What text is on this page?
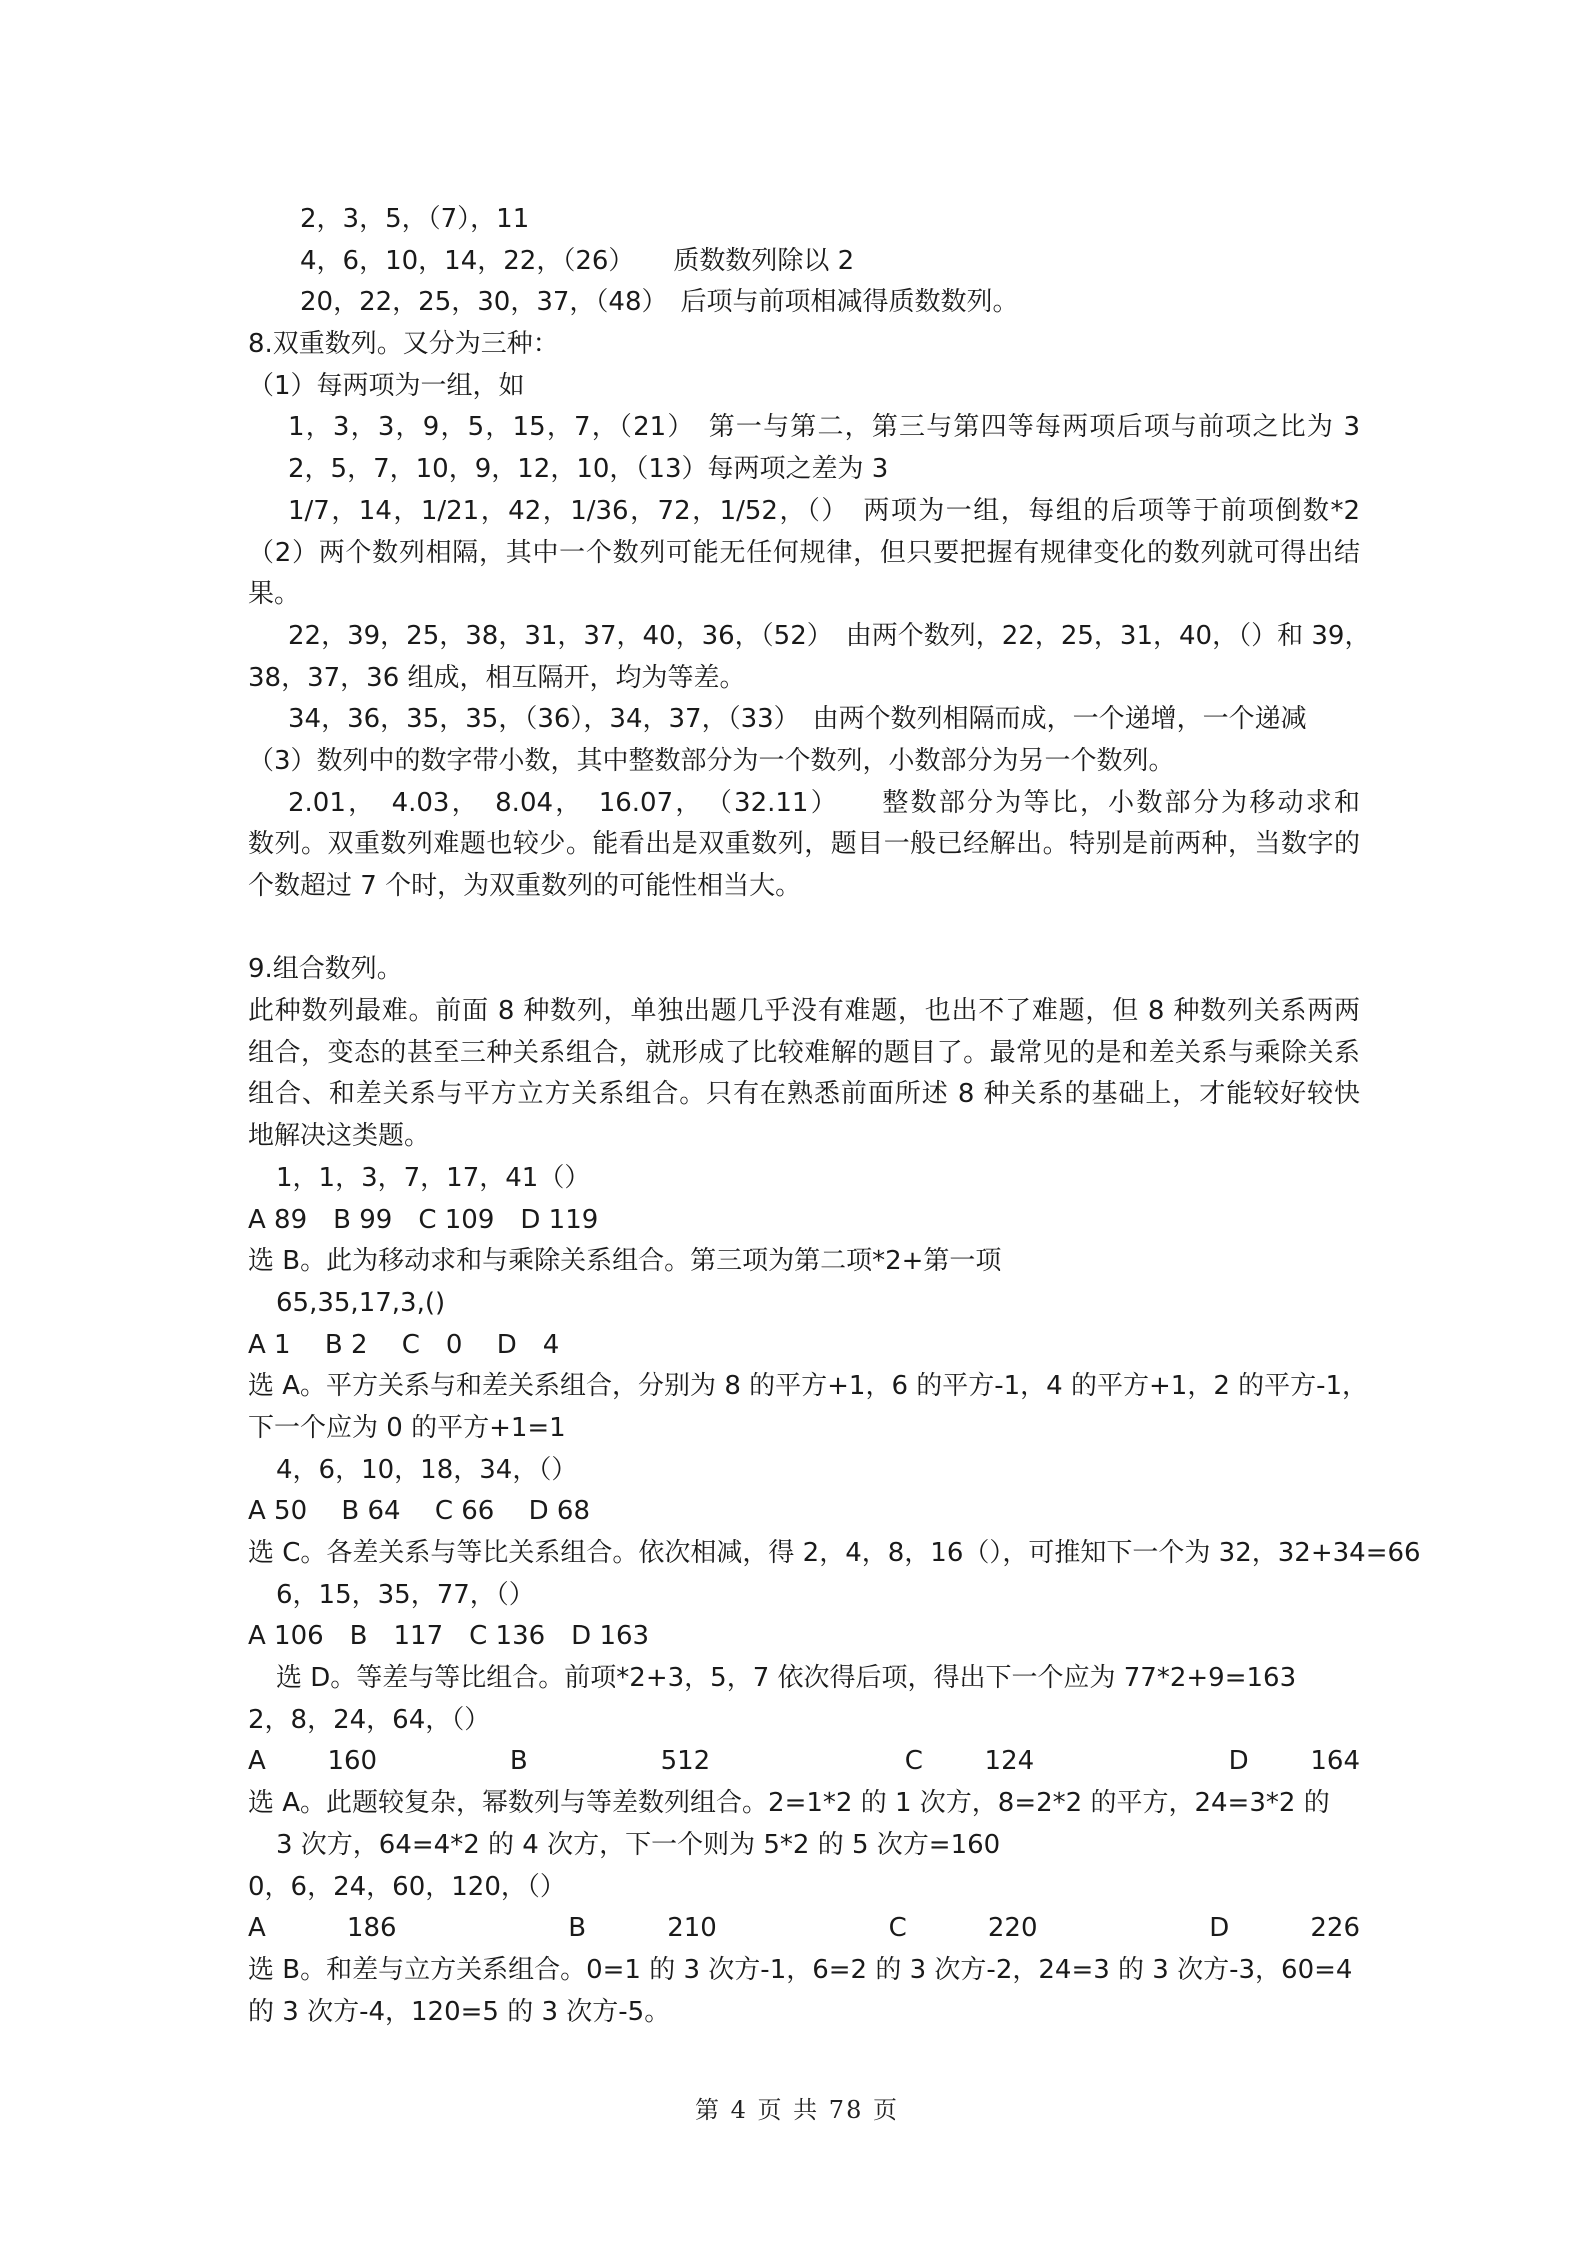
2，3，5，（7），11
4，6，10，14，22，（26）　　质数数列除以 2
20，22，25，30，37，（48）　后项与前项相减得质数数列。
8.双重数列。又分为三种：
（1）每两项为一组，如
1，3，3，9，5，15，7，（21）　第一与第二，第三与第四等每两项后项与前项之比为 3
2，5，7，10，9，12，10，（13）每两项之差为 3
1/7，14，1/21，42，1/36，72，1/52，（）　两项为一组，每组的后项等于前项倒数*2
（2）两个数列相隔，其中一个数列可能无任何规律，但只要把握有规律变化的数列就可得出结
果。
22，39，25，38，31，37，40，36，（52）　由两个数列，22，25，31，40，（）和 39，
38，37，36 组成，相互隔开，均为等差。
34，36，35，35，（36），34，37，（33）　由两个数列相隔而成，一个递增，一个递减
（3）数列中的数字带小数，其中整数部分为一个数列，小数部分为另一个数列。
2.01，　4.03，　8.04，　16.07，　（32.11）　　整数部分为等比，小数部分为移动求和
数列。双重数列难题也较少。能看出是双重数列，题目一般已经解出。特别是前两种，当数字的
个数超过 7 个时，为双重数列的可能性相当大。
9.组合数列。
此种数列最难。前面 8 种数列，单独出题几乎没有难题，也出不了难题，但 8 种数列关系两两
组合，变态的甚至三种关系组合，就形成了比较难解的题目了。最常见的是和差关系与乘除关系
组合、和差关系与平方立方关系组合。只有在熟悉前面所述 8 种关系的基础上，才能较好较快
地解决这类题。
1，1，3，7，17，41（）
A 89　B 99　C 109　D 119
选 B。此为移动求和与乘除关系组合。第三项为第二项*2+第一项
65,35,17,3,()
A 1　 B 2　 C　0　 D　4
选 A。平方关系与和差关系组合，分别为 8 的平方+1，6 的平方-1，4 的平方+1，2 的平方-1，
下一个应为 0 的平方+1=1
4，6，10，18，34，（）
A 50　 B 64　 C 66　 D 68
选 C。各差关系与等比关系组合。依次相减，得 2，4，8，16（），可推知下一个为 32，32+34=66
6，15，35，77，（）
A 106　B　117　C 136　D 163
选 D。等差与等比组合。前项*2+3，5，7 依次得后项，得出下一个应为 77*2+9=163
2，8，24，64，（）
A 160　B　512　 C 124　 D 164
选 A。此题较复杂，幂数列与等差数列组合。2=1*2 的 1 次方，8=2*2 的平方，24=3*2 的
3 次方，64=4*2 的 4 次方，下一个则为 5*2 的 5 次方=160
0，6，24，60，120，（）
A 186　B 210　C 220　D 226
选 B。和差与立方关系组合。0=1 的 3 次方-1，6=2 的 3 次方-2，24=3 的 3 次方-3，60=4
的 3 次方-4，120=5 的 3 次方-5。
第 4 页 共 78 页
